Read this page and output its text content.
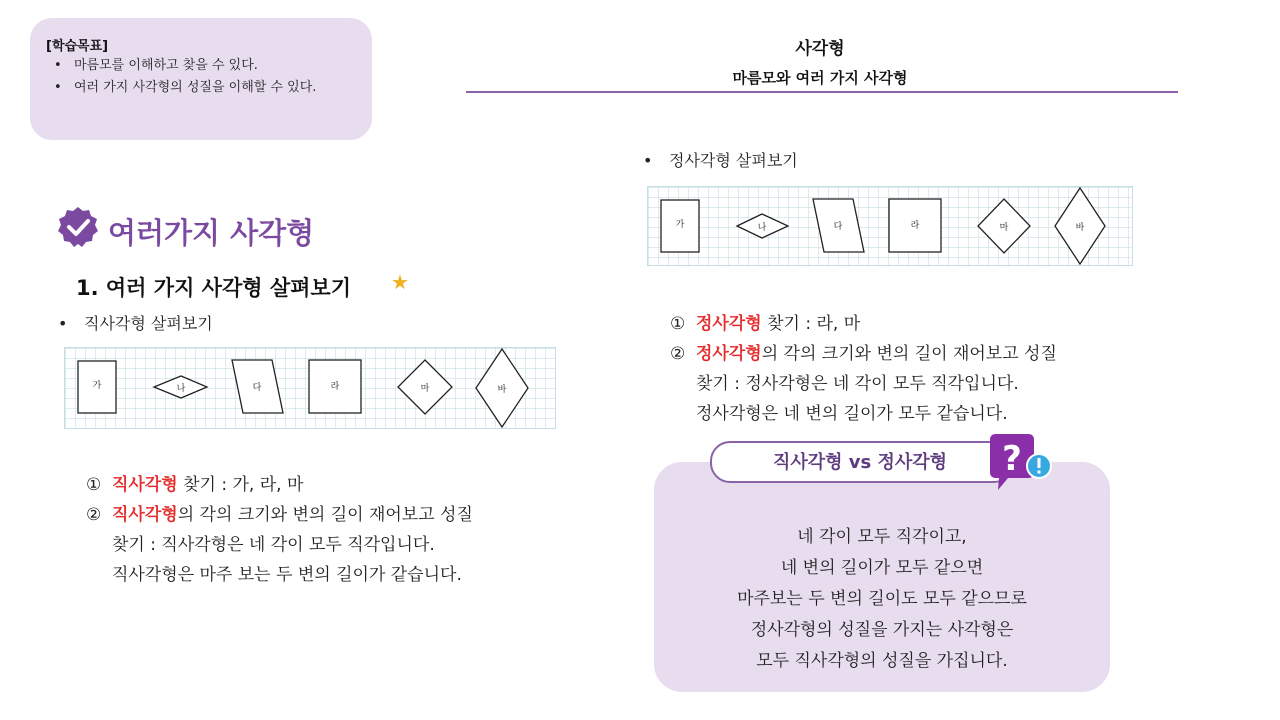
[학습목표]
• 마름모를 이해하고 찾을 수 있다.
• 여러 가지 사각형의 성질을 이해할 수 있다.
사각형
마름모와 여러 가지 사각형
여러가지 사각형
1. 여러 가지 사각형 살펴보기 ★
• 직사각형 살펴보기
가	나	다	라	마	바
① 직사각형 찾기 : 가, 라, 마
② 직사각형의 각의 크기와 변의 길이 재어보고 성질
찾기 : 직사각형은 네 각이 모두 직각입니다.
직사각형은 마주 보는 두 변의 길이가 같습니다.
• 정사각형 살펴보기
가	나	다	라	마	바
① 정사각형 찾기 : 라, 마
② 정사각형의 각의 크기와 변의 길이 재어보고 성질
찾기 : 정사각형은 네 각이 모두 직각입니다.
정사각형은 네 변의 길이가 모두 같습니다.
직사각형 vs 정사각형	?
네 각이 모두 직각이고,
네 변의 길이가 모두 같으면
마주보는 두 변의 길이도 모두 같으므로
정사각형의 성질을 가지는 사각형은
모두 직사각형의 성질을 가집니다.
